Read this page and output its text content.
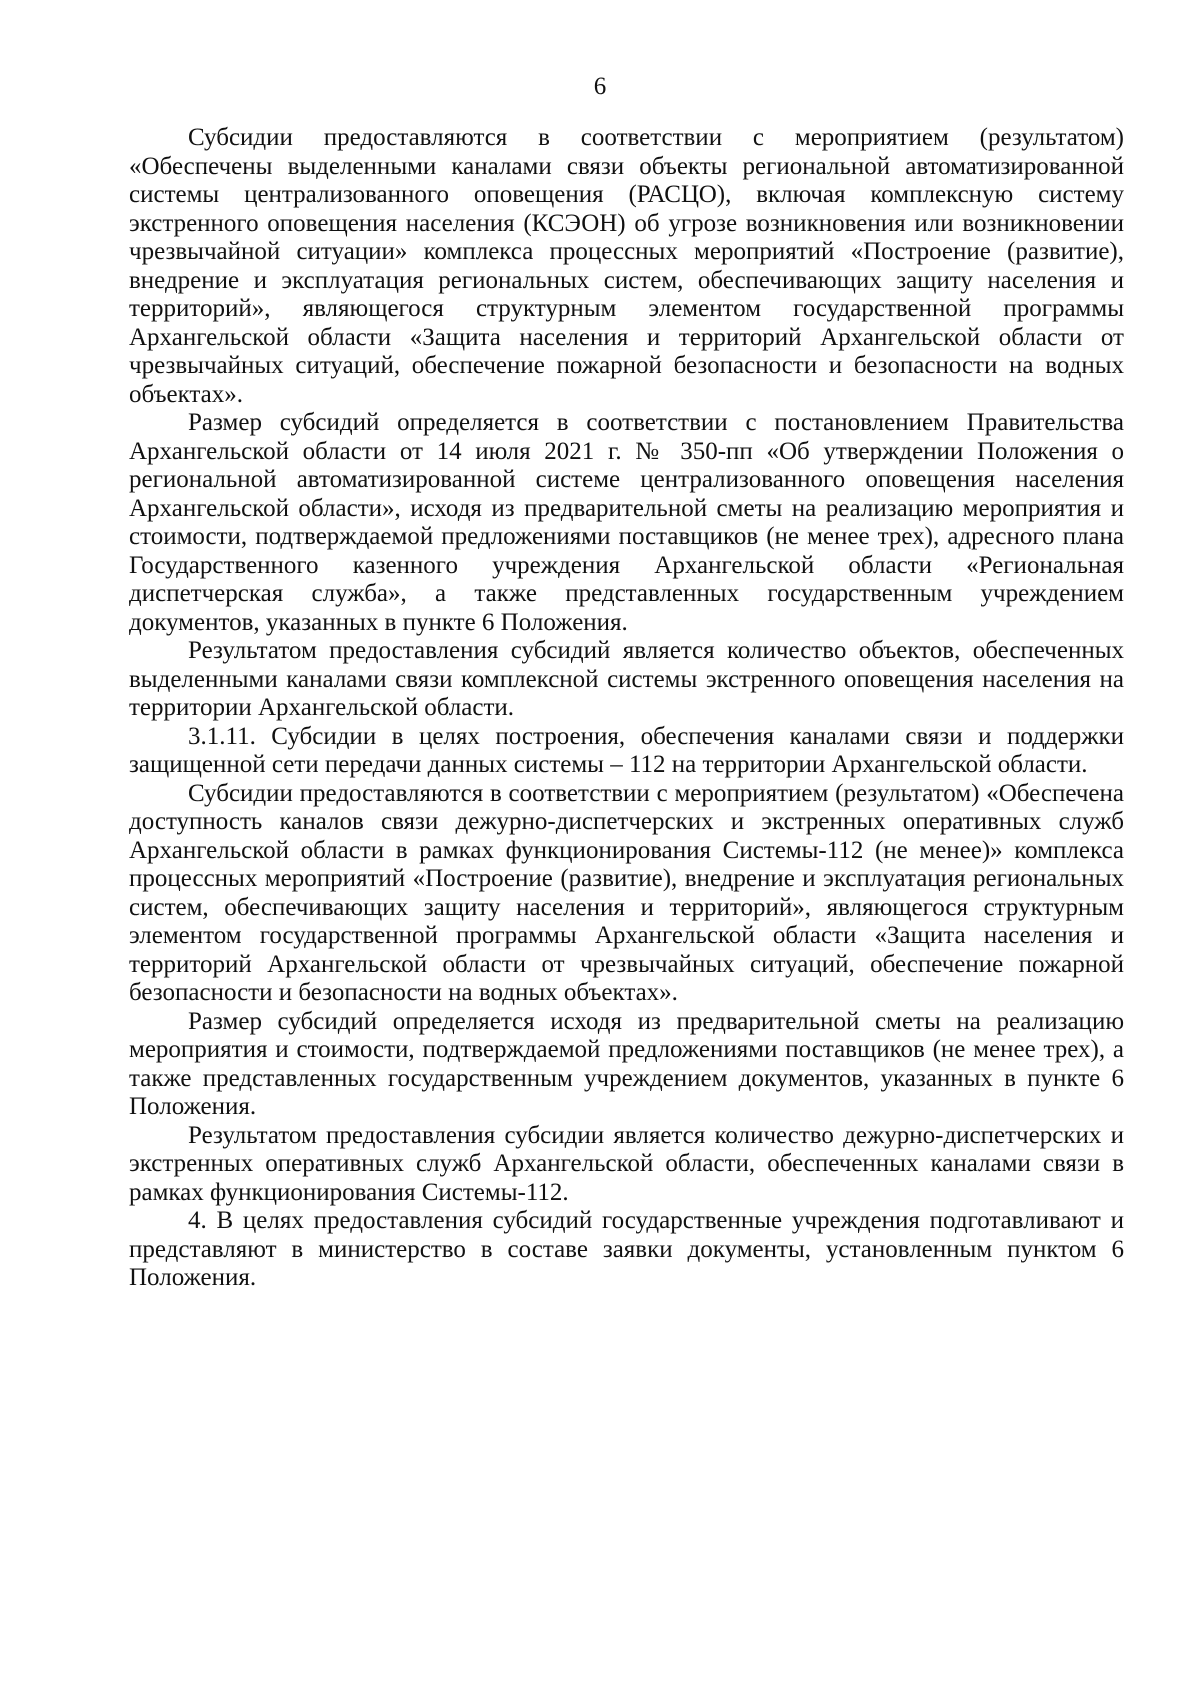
6

Субсидии предоставляются в соответствии с мероприятием (результатом) «Обеспечены выделенными каналами связи объекты региональной автоматизированной системы централизованного оповещения (РАСЦО), включая комплексную систему экстренного оповещения населения (КСЭОН) об угрозе возникновения или возникновении чрезвычайной ситуации» комплекса процессных мероприятий «Построение (развитие), внедрение и эксплуатация региональных систем, обеспечивающих защиту населения и территорий», являющегося структурным элементом государственной программы Архангельской области «Защита населения и территорий Архангельской области от чрезвычайных ситуаций, обеспечение пожарной безопасности и безопасности на водных объектах».

Размер субсидий определяется в соответствии с постановлением Правительства Архангельской области от 14 июля 2021 г. № 350-пп «Об утверждении Положения о региональной автоматизированной системе централизованного оповещения населения Архангельской области», исходя из предварительной сметы на реализацию мероприятия и стоимости, подтверждаемой предложениями поставщиков (не менее трех), адресного плана Государственного казенного учреждения Архангельской области «Региональная диспетчерская служба», а также представленных государственным учреждением документов, указанных в пункте 6 Положения.

Результатом предоставления субсидий является количество объектов, обеспеченных выделенными каналами связи комплексной системы экстренного оповещения населения на территории Архангельской области.

3.1.11. Субсидии в целях построения, обеспечения каналами связи и поддержки защищенной сети передачи данных системы – 112 на территории Архангельской области.

Субсидии предоставляются в соответствии с мероприятием (результатом) «Обеспечена доступность каналов связи дежурно-диспетчерских и экстренных оперативных служб Архангельской области в рамках функционирования Системы-112 (не менее)» комплекса процессных мероприятий «Построение (развитие), внедрение и эксплуатация региональных систем, обеспечивающих защиту населения и территорий», являющегося структурным элементом государственной программы Архангельской области «Защита населения и территорий Архангельской области от чрезвычайных ситуаций, обеспечение пожарной безопасности и безопасности на водных объектах».

Размер субсидий определяется исходя из предварительной сметы на реализацию мероприятия и стоимости, подтверждаемой предложениями поставщиков (не менее трех), а также представленных государственным учреждением документов, указанных в пункте 6 Положения.

Результатом предоставления субсидии является количество дежурно-диспетчерских и экстренных оперативных служб Архангельской области, обеспеченных каналами связи в рамках функционирования Системы-112.

4. В целях предоставления субсидий государственные учреждения подготавливают и представляют в министерство в составе заявки документы, установленным пунктом 6 Положения.
